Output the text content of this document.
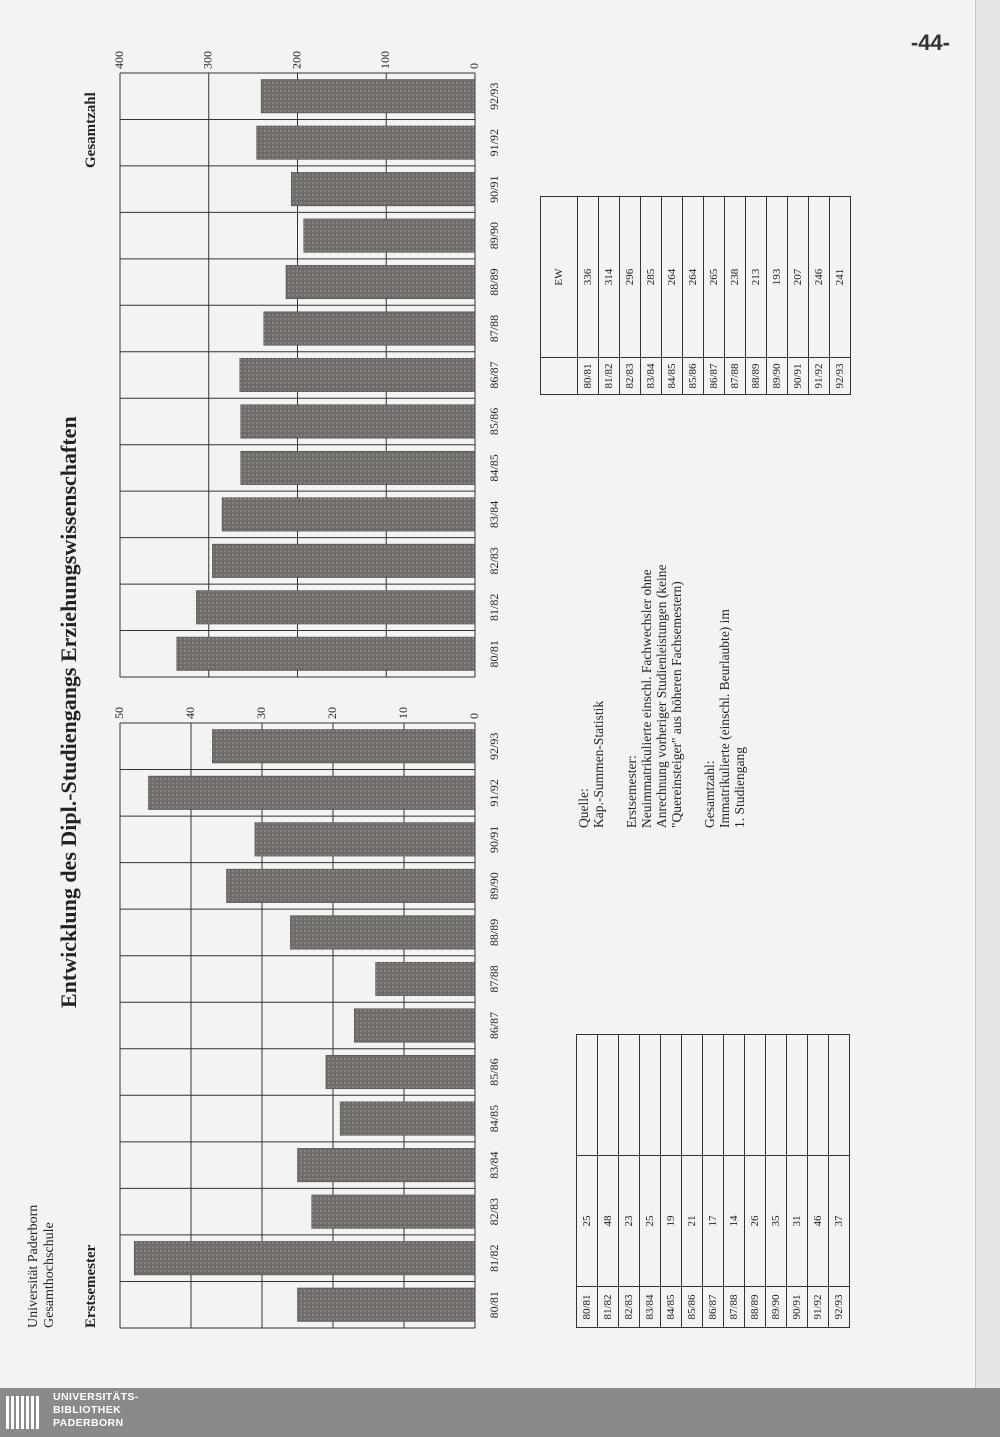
-44-
Universität Paderborn Gesamthochschule
Entwicklung des Dipl.-Studiengangs Erziehungswissenschaften
Erstsemester
Gesamtzahl
0
10
20
30
40
50
80/81
81/82
82/83
83/84
84/85
85/86
86/87
87/88
88/89
89/90
90/91
91/92
92/93
0
100
200
300
400
80/81
81/82
82/83
83/84
84/85
85/86
86/87
87/88
88/89
89/90
90/91
91/92
92/93
Quelle: Kap.-Summen-Statistik Erstsemester: Neuimmatrikulierte einschl. Fachwechsler ohne Anrechnung vorheriger Studienleistungen (keine "Quereinsteiger" aus höheren Fachsemestern) Gesamtzahl: Immatrikulierte (einschl. Beurlaubte) im 1. Studiengang
80/81	25	
81/82	48	
82/83	23	
83/84	25	
84/85	19	
85/86	21	
86/87	17	
87/88	14	
88/89	26	
89/90	35	
90/91	31	
91/92	46	
92/93	37	
	EW
80/81	336
81/82	314
82/83	296
83/84	285
84/85	264
85/86	264
86/87	265
87/88	238
88/89	213
89/90	193
90/91	207
91/92	246
92/93	241
UNIVERSITÄTS-
BIBLIOTHEK
PADERBORN
